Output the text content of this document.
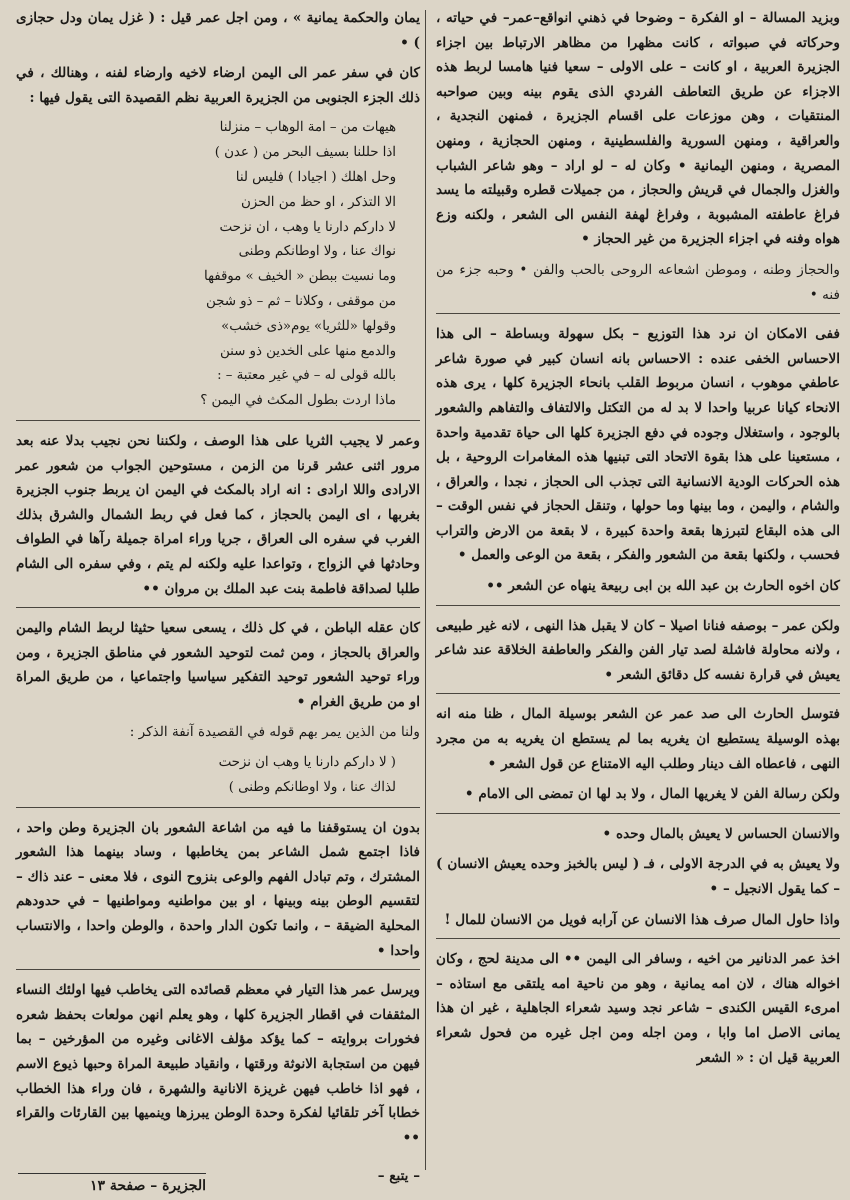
وبزيد المسالة – او الفكرة – وضوحا في ذهني انواقع–عمر– في حياته ، وحركاته في صبواته ، كانت مظهرا من مظاهر الارتباط بين اجزاء الجزيرة العربية ، او كانت – على الاولى – سعيا فنيا هامسا لربط هذه الاجزاء عن طريق التعاطف الفردي الذى يقوم بينه وبين صواحبه المنتقيات ، وهن موزعات على اقسام الجزيرة ، فمنهن النجدية ، والعراقية ، ومنهن السورية والفلسطينية ، ومنهن الحجازية ، ومنهن المصرية ، ومنهن اليمانية • وكان له – لو اراد – وهو شاعر الشباب والغزل والجمال في قريش والحجاز ، من جميلات قطره وقبيلته ما يسد فراغ عاطفته المشبوبة ، وفراغ لهفة النفس الى الشعر ، ولكنه وزع هواه وفنه في اجزاء الجزيرة من غير الحجاز •

والحجاز وطنه ، وموطن اشعاعه الروحى بالحب والفن • وحبه جزء من فنه •

ففى الامكان ان نرد هذا التوزيع – بكل سهولة وبساطة – الى هذا الاحساس الخفى عنده : الاحساس بانه انسان كبير في صورة شاعر عاطفي موهوب ، انسان مربوط القلب بانحاء الجزيرة كلها ، يرى هذه الانحاء كيانا عربيا واحدا لا بد له من التكتل والالتفاف والتفاهم والشعور بالوجود ، واستغلال وجوده في دفع الجزيرة كلها الى حياة تقدمية واحدة ، مستعينا على هذا بقوة الاتحاد التى تبنيها هذه المغامرات الروحية ، بل هذه الحركات الودية الانسانية التى تجذب الى الحجاز ، نجدا ، والعراق ، والشام ، واليمن ، وما بينها وما حولها ، وتنقل الحجاز في نفس الوقت – الى هذه البقاع لتبرزها بقعة واحدة كبيرة ، لا بقعة من الارض والتراب فحسب ، ولكنها بقعة من الشعور والفكر ، بقعة من الوعى والعمل •

كان اخوه الحارث بن عبد الله بن ابى ربيعة ينهاه عن الشعر ••

ولكن عمر – بوصفه فنانا اصيلا – كان لا يقبل هذا النهى ، لانه غير طبيعى ، ولانه محاولة فاشلة لصد تيار الفن والفكر والعاطفة الخلاقة عند شاعر يعيش في قرارة نفسه كل دقائق الشعر •

فتوسل الحارث الى صد عمر عن الشعر بوسيلة المال ، ظنا منه انه بهذه الوسيلة يستطيع ان يغريه بما لم يستطع ان يغريه به من مجرد النهى ، فاعطاه الف دينار وطلب اليه الامتناع عن قول الشعر •

ولكن رسالة الفن لا يغريها المال ، ولا بد لها ان تمضى الى الامام •

والانسان الحساس لا يعيش بالمال وحده •

ولا يعيش به في الدرجة الاولى ، فـ ( ليس بالخبز وحده يعيش الانسان ) – كما يقول الانجيل – •

واذا حاول المال صرف هذا الانسان عن آرابه فويل من الانسان للمال !

اخذ عمر الدنانير من اخيه ، وسافر الى اليمن •• الى مدينة لحج ، وكان اخواله هناك ، لان امه يمانية ، وهو من ناحية امه يلتقى مع استاذه – امرىء القيس الكندى – شاعر نجد وسيد شعراء الجاهلية ، غير ان هذا يمانى الاصل اما وابا ، ومن اجله ومن اجل غيره من فحول شعراء العربية قيل ان : « الشعر

يمان والحكمة يمانية » ، ومن اجل عمر قيل : ( غزل يمان ودل حجازى ) •

كان في سفر عمر الى اليمن ارضاء لاخيه وارضاء لفنه ، وهنالك ، في ذلك الجزء الجنوبى من الجزيرة العربية نظم القصيدة التى يقول فيها :

هيهات من – امة الوهاب – منزلنا
اذا حللنا بسيف البحر من ( عدن )
وحل اهلك ( اجيادا ) فليس لنا
الا التذكر ، او حظ من الحزن
لا داركم دارنا يا وهب ، ان نزحت
نواك عنا ، ولا اوطانكم وطنى
وما نسيت ببطن « الخيف » موقفها
من موقفى ، وكلانا – ثم – ذو شجن
وقولها «للثريا» يوم«ذى خشب»
والدمع منها على الخدين ذو سنن
بالله قولى له – في غير معتبة – :
ماذا اردت بطول المكث في اليمن ؟

وعمر لا يجيب الثريا على هذا الوصف ، ولكننا نحن نجيب بدلا عنه بعد مرور اثنى عشر قرنا من الزمن ، مستوحين الجواب من شعور عمر الارادى واللا ارادى : انه اراد بالمكث في اليمن ان يربط جنوب الجزيرة بغربها ، اى اليمن بالحجاز ، كما فعل في ربط الشمال والشرق بذلك الغرب في سفره الى العراق ، جريا وراء امراة جميلة رآها في الطواف وحادثها في الزواج ، وتواعدا عليه ولكنه لم يتم ، وفي سفره الى الشام طلبا لصداقة فاطمة بنت عبد الملك بن مروان ••

كان عقله الباطن ، في كل ذلك ، يسعى سعيا حثيثا لربط الشام واليمن والعراق بالحجاز ، ومن ثمت لتوحيد الشعور في مناطق الجزيرة ، ومن وراء توحيد الشعور توحيد التفكير سياسيا واجتماعيا ، من طريق المراة او من طريق الغرام •

ولنا من الذين يمر بهم قوله في القصيدة آنفة الذكر :

( لا داركم دارنا يا وهب ان نزحت
لذاك عنا ، ولا اوطانكم وطنى )

بدون ان يستوقفنا ما فيه من اشاعة الشعور بان الجزيرة وطن واحد ، فاذا اجتمع شمل الشاعر بمن يخاطبها ، وساد بينهما هذا الشعور المشترك ، وتم تبادل الفهم والوعى بنزوح النوى ، فلا معنى – عند ذاك – لتقسيم الوطن بينه وبينها ، او بين مواطنيه ومواطنيها – في حدودهم المحلية الضيقة – ، وانما تكون الدار واحدة ، والوطن واحدا ، والانتساب واحدا •

ويرسل عمر هذا التيار في معظم قصائده التى يخاطب فيها اولئك النساء المثقفات في اقطار الجزيرة كلها ، وهو يعلم انهن مولعات بحفظ شعره فخورات بروايته – كما يؤكد مؤلف الاغانى وغيره من المؤرخين – بما فيهن من استجابة الانوثة ورقتها ، وانقياد طبيعة المراة وحبها ذيوع الاسم ، فهو اذا خاطب فيهن غريزة الانانية والشهرة ، فان وراء هذا الخطاب خطابا آخر تلقائيا لفكرة وحدة الوطن يبرزها وينميها بين القارئات والقراء ••

– يتبع –
الجزيرة – صفحة ١٣
